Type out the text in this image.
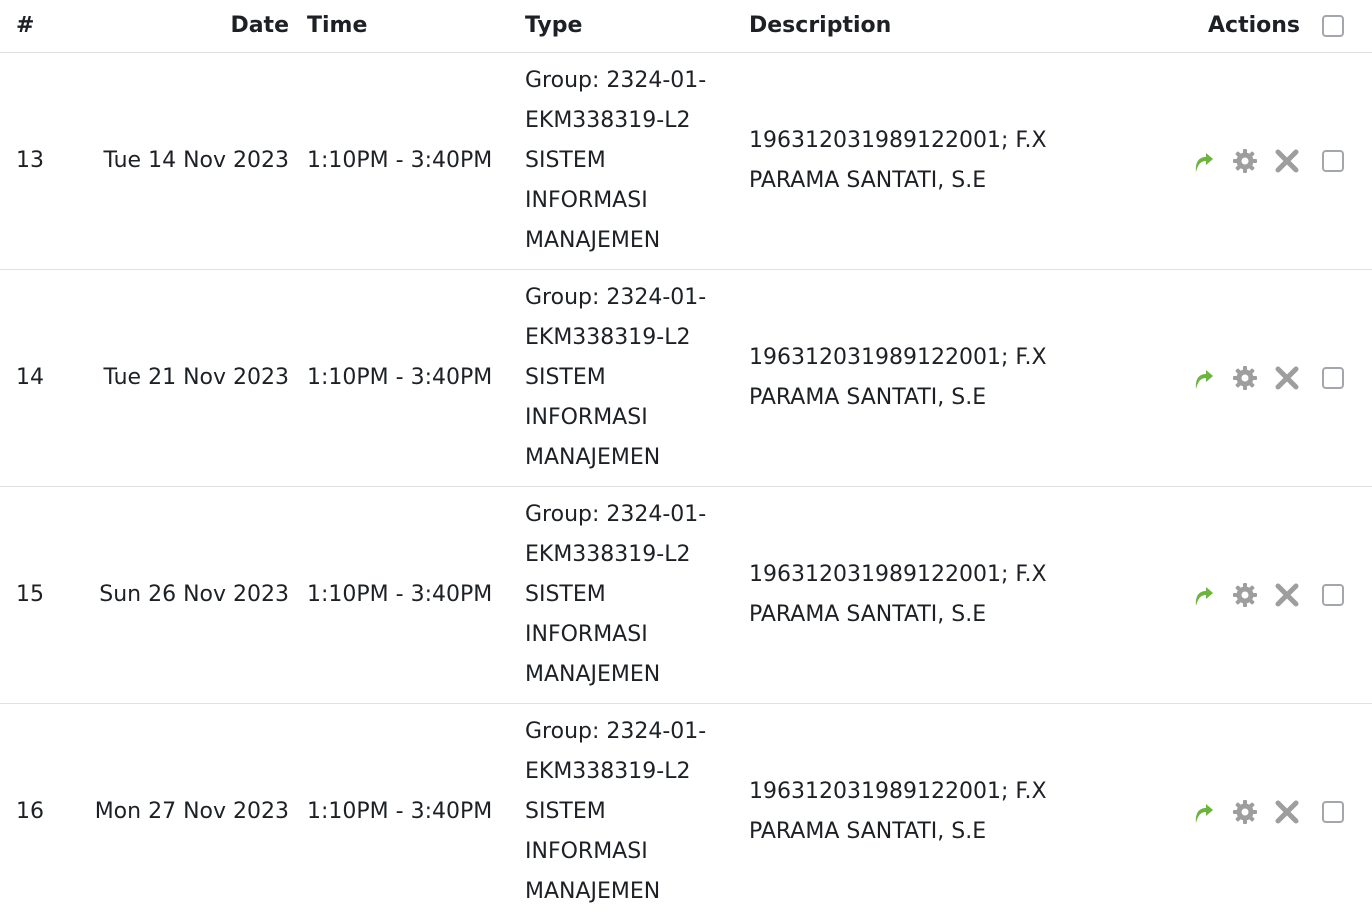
#	Date	Time	Type	Description	Actions	

13	Tue 14 Nov 2023	1:10PM - 3:40PM	Group: 2324-01-
EKM338319-L2
SISTEM
INFORMASI
MANAJEMEN	196312031989122001; F.X
PARAMA SANTATI, S.E

14	Tue 21 Nov 2023	1:10PM - 3:40PM	Group: 2324-01-
EKM338319-L2
SISTEM
INFORMASI
MANAJEMEN	196312031989122001; F.X
PARAMA SANTATI, S.E

15	Sun 26 Nov 2023	1:10PM - 3:40PM	Group: 2324-01-
EKM338319-L2
SISTEM
INFORMASI
MANAJEMEN	196312031989122001; F.X
PARAMA SANTATI, S.E

16	Mon 27 Nov 2023	1:10PM - 3:40PM	Group: 2324-01-
EKM338319-L2
SISTEM
INFORMASI
MANAJEMEN	196312031989122001; F.X
PARAMA SANTATI, S.E
